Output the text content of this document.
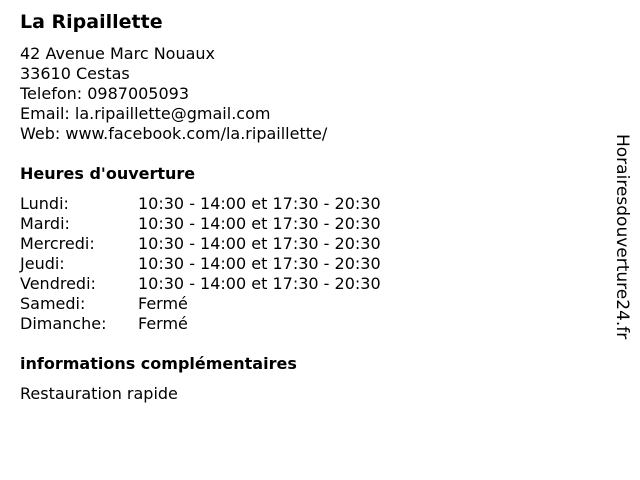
La Ripaillette
42 Avenue Marc Nouaux
33610 Cestas
Telefon: 0987005093
Email: la.ripaillette@gmail.com
Web: www.facebook.com/la.ripaillette/
Heures d'ouverture
Lundi:	10:30 - 14:00 et 17:30 - 20:30
Mardi:	10:30 - 14:00 et 17:30 - 20:30
Mercredi:	10:30 - 14:00 et 17:30 - 20:30
Jeudi:	10:30 - 14:00 et 17:30 - 20:30
Vendredi:	10:30 - 14:00 et 17:30 - 20:30
Samedi:	Fermé
Dimanche: Fermé
informations complémentaires
Restauration rapide
Horairesdouverture24.fr
